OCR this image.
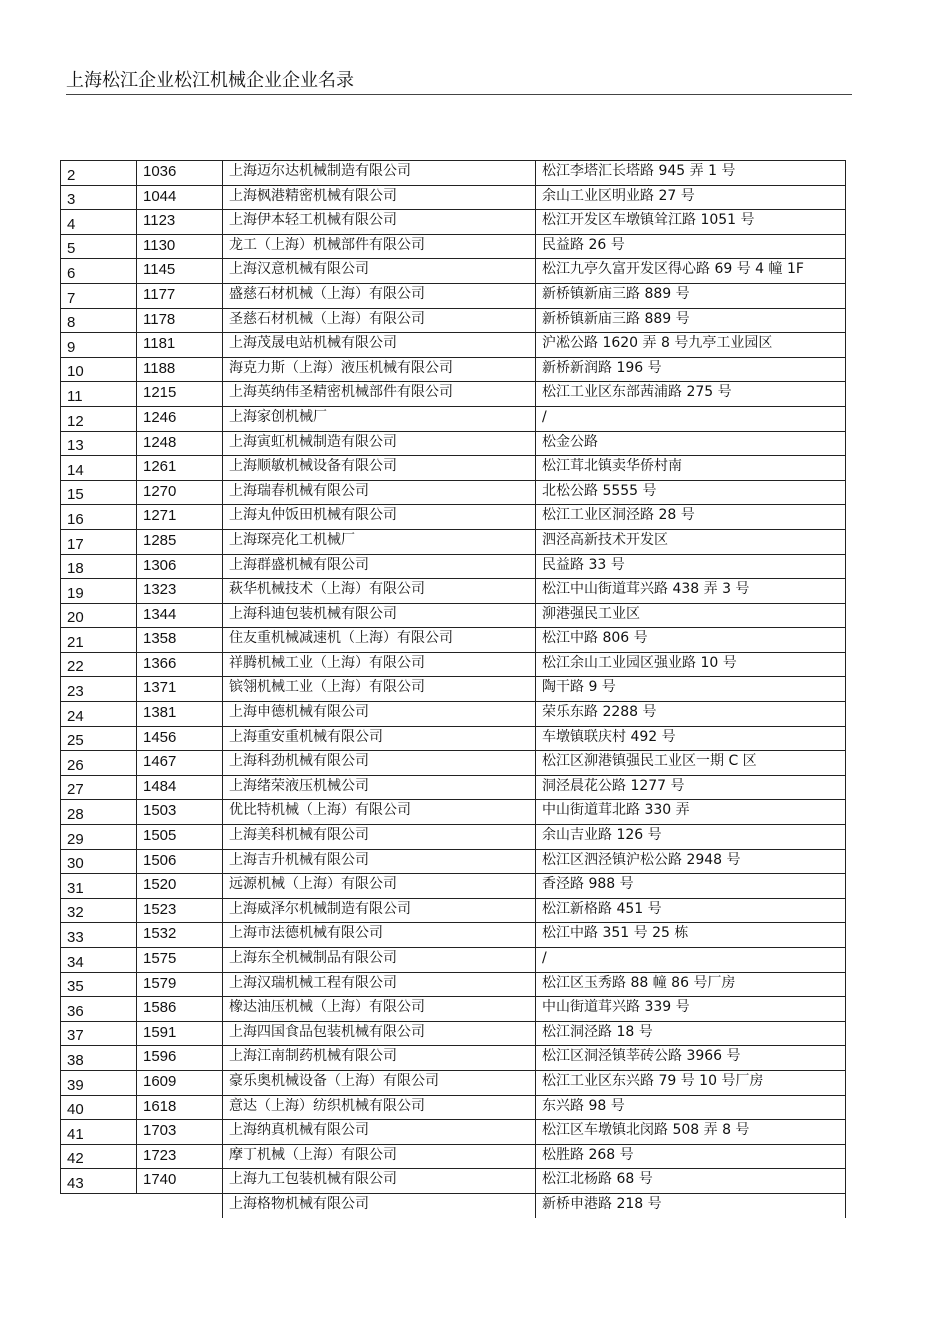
上海松江企业松江机械企业企业名录
2	1036	上海迈尔达机械制造有限公司	松江李塔汇长塔路 945 弄 1 号
3	1044	上海枫港精密机械有限公司	余山工业区明业路 27 号
4	1123	上海伊本轻工机械有限公司	松江开发区车墩镇耸江路 1051 号
5	1130	龙工（上海）机械部件有限公司	民益路 26 号
6	1145	上海汉意机械有限公司	松江九亭久富开发区得心路 69 号 4 幢 1F
7	1177	盛慈石材机械（上海）有限公司	新桥镇新庙三路 889 号
8	1178	圣慈石材机械（上海）有限公司	新桥镇新庙三路 889 号
9	1181	上海茂晟电站机械有限公司	沪凇公路 1620 弄 8 号九亭工业园区
10	1188	海克力斯（上海）液压机械有限公司	新桥新润路 196 号
11	1215	上海英纳伟圣精密机械部件有限公司	松江工业区东部茜浦路 275 号
12	1246	上海家创机械厂	/
13	1248	上海寅虹机械制造有限公司	松金公路
14	1261	上海顺敏机械设备有限公司	松江茸北镇卖华侨村南
15	1270	上海瑞春机械有限公司	北松公路 5555 号
16	1271	上海丸仲饭田机械有限公司	松江工业区洞泾路 28 号
17	1285	上海琛亮化工机械厂	泗泾高新技术开发区
18	1306	上海群盛机械有限公司	民益路 33 号
19	1323	萩华机械技术（上海）有限公司	松江中山街道茸兴路 438 弄 3 号
20	1344	上海科迪包装机械有限公司	泖港强民工业区
21	1358	住友重机械减速机（上海）有限公司	松江中路 806 号
22	1366	祥腾机械工业（上海）有限公司	松江余山工业园区强业路 10 号
23	1371	镔翎机械工业（上海）有限公司	陶干路 9 号
24	1381	上海申德机械有限公司	荣乐东路 2288 号
25	1456	上海重安重机械有限公司	车墩镇联庆村 492 号
26	1467	上海科劲机械有限公司	松江区泖港镇强民工业区一期 C 区
27	1484	上海绪荣液压机械公司	洞泾晨花公路 1277 号
28	1503	优比特机械（上海）有限公司	中山街道茸北路 330 弄
29	1505	上海美科机械有限公司	余山吉业路 126 号
30	1506	上海吉升机械有限公司	松江区泗泾镇沪松公路 2948 号
31	1520	远源机械（上海）有限公司	香泾路 988 号
32	1523	上海威泽尔机械制造有限公司	松江新格路 451 号
33	1532	上海市法德机械有限公司	松江中路 351 号 25 栋
34	1575	上海东全机械制品有限公司	/
35	1579	上海汉瑞机械工程有限公司	松江区玉秀路 88 幢 86 号厂房
36	1586	橡达油压机械（上海）有限公司	中山街道茸兴路 339 号
37	1591	上海四国食品包装机械有限公司	松江洞泾路 18 号
38	1596	上海江南制药机械有限公司	松江区洞泾镇莘砖公路 3966 号
39	1609	豪乐奥机械设备（上海）有限公司	松江工业区东兴路 79 号 10 号厂房
40	1618	意达（上海）纺织机械有限公司	东兴路 98 号
41	1703	上海纳真机械有限公司	松江区车墩镇北闵路 508 弄 8 号
42	1723	摩丁机械（上海）有限公司	松胜路 268 号
43	1740	上海九工包装机械有限公司	松江北杨路 68 号
		上海格物机械有限公司	新桥申港路 218 号
